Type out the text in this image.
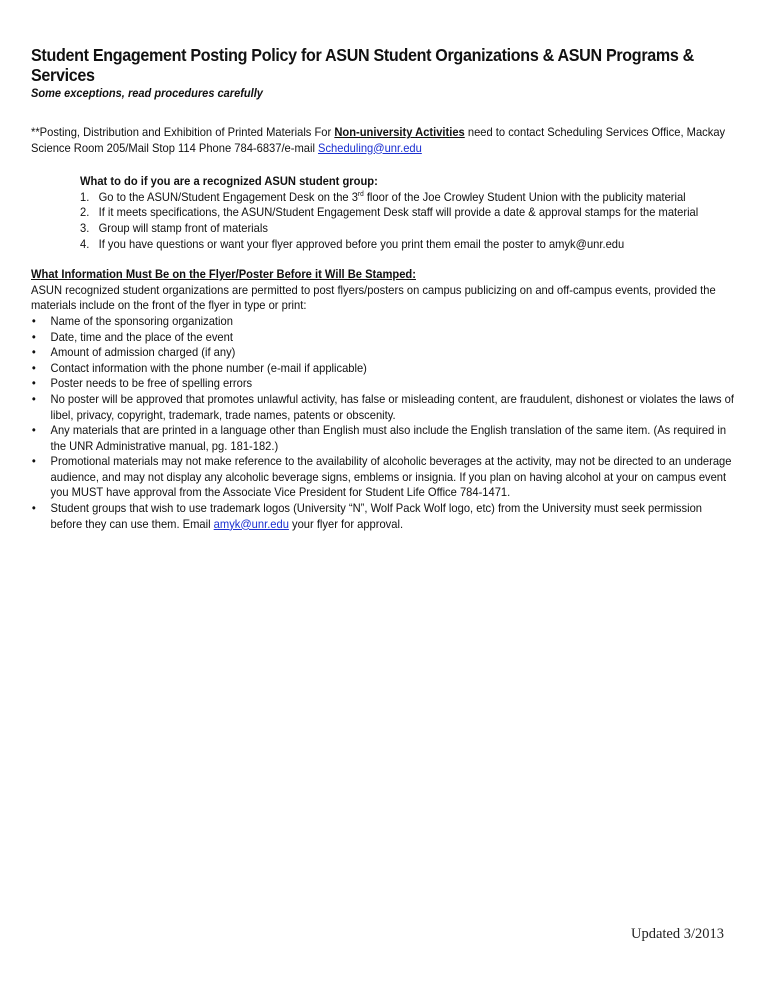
Student Engagement Posting Policy for ASUN Student Organizations & ASUN Programs & Services
Some exceptions, read procedures carefully
**Posting, Distribution and Exhibition of Printed Materials For Non-university Activities need to contact Scheduling Services Office, Mackay Science Room 205/Mail Stop 114 Phone 784-6837/e-mail Scheduling@unr.edu
What to do if you are a recognized ASUN student group:
1. Go to the ASUN/Student Engagement Desk on the 3rd floor of the Joe Crowley Student Union with the publicity material
2. If it meets specifications, the ASUN/Student Engagement Desk staff will provide a date & approval stamps for the material
3. Group will stamp front of materials
4. If you have questions or want your flyer approved before you print them email the poster to amyk@unr.edu
What Information Must Be on the Flyer/Poster Before it Will Be Stamped:
ASUN recognized student organizations are permitted to post flyers/posters on campus publicizing on and off-campus events, provided the materials include on the front of the flyer in type or print:
• Name of the sponsoring organization
• Date, time and the place of the event
• Amount of admission charged (if any)
• Contact information with the phone number (e-mail if applicable)
• Poster needs to be free of spelling errors
• No poster will be approved that promotes unlawful activity, has false or misleading content, are fraudulent, dishonest or violates the laws of libel, privacy, copyright, trademark, trade names, patents or obscenity.
• Any materials that are printed in a language other than English must also include the English translation of the same item. (As required in the UNR Administrative manual, pg. 181-182.)
• Promotional materials may not make reference to the availability of alcoholic beverages at the activity, may not be directed to an underage audience, and may not display any alcoholic beverage signs, emblems or insignia. If you plan on having alcohol at your on campus event you MUST have approval from the Associate Vice President for Student Life Office 784-1471.
• Student groups that wish to use trademark logos (University “N”, Wolf Pack Wolf logo, etc) from the University must seek permission before they can use them. Email amyk@unr.edu your flyer for approval.
Updated 3/2013
